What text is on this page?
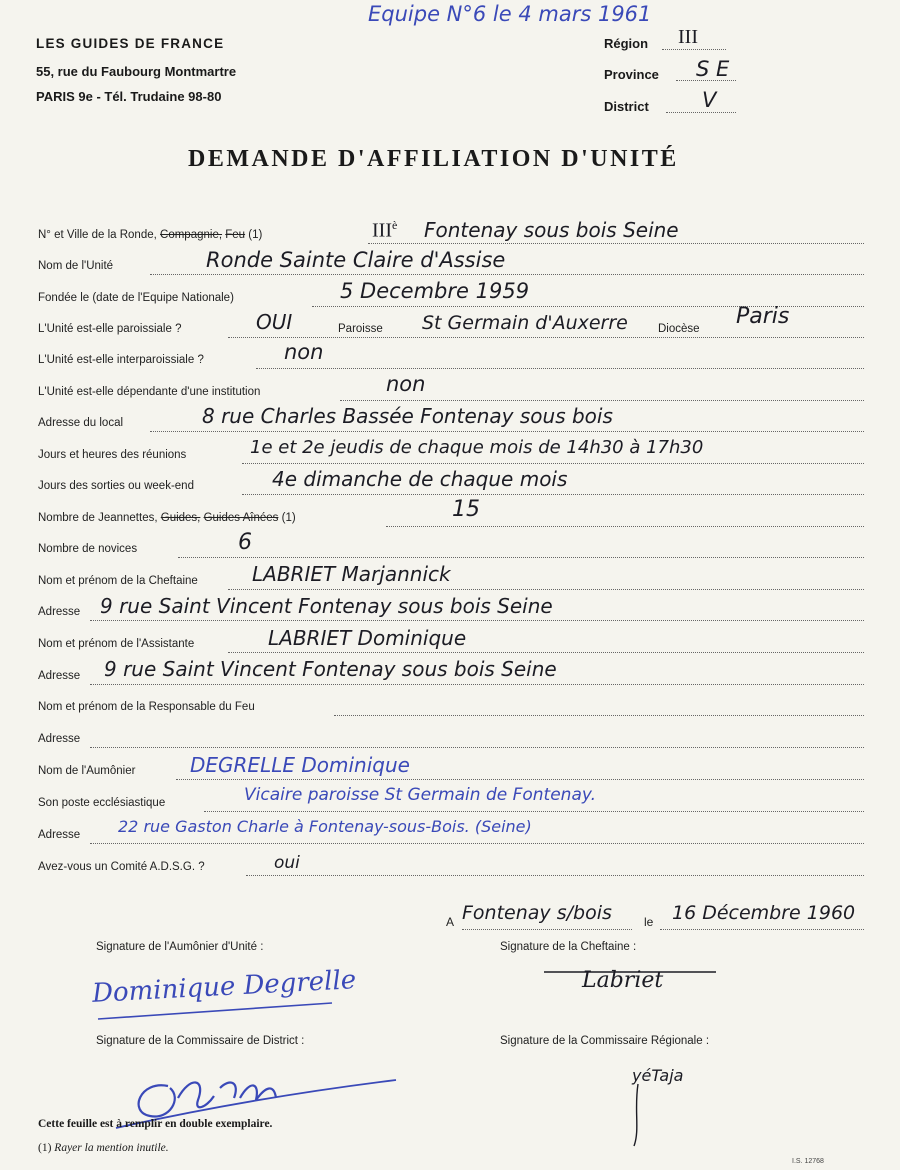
Equipe N°6 le 4 mars 1961
LES GUIDES DE FRANCE
55, rue du Faubourg Montmartre
PARIS 9e - Tél. Trudaine 98-80
Région III
Province S E
District	V
DEMANDE D'AFFILIATION D'UNITÉ
N° et Ville de la Ronde, Compagnie, Feu (1)	$III^è$ Fontenay sous bois Seine
Nom de l'Unité	Ronde Sainte Claire d'Assise
Fondée le (date de l'Equipe Nationale)	5 Decembre 1959
L'Unité est-elle paroissiale ?	OUI	Paroisse St Germain d'Auxerre	Diocèse Paris
L'Unité est-elle interparoissiale ?	non
L'Unité est-elle dépendante d'une institution	non
Adresse du local	8 rue Charles Bassée Fontenay sous bois
Jours et heures des réunions	1e et 2e jeudis de chaque mois de 14h30 à 17h30
Jours des sorties ou week-end	4e dimanche de chaque mois
Nombre de Jeannettes, Guides, Guides Aînées (1)	15
Nombre de novices	6
Nom et prénom de la Cheftaine	LABRIET Marjannick
Adresse 9 rue Saint Vincent Fontenay sous bois Seine
Nom et prénom de l'Assistante	LABRIET Dominique
Adresse 9 rue Saint Vincent Fontenay sous bois Seine
Nom et prénom de la Responsable du Feu
Adresse
Nom de l'Aumônier	DEGRELLE Dominique
Son poste ecclésiastique	Vicaire paroisse St Germain de Fontenay.
Adresse 22 rue Gaston Charle à Fontenay-sous-Bois. (Seine)
Avez-vous un Comité A.D.S.G. ?	oui
A Fontenay s/bois	le 16 Décembre 1960
Signature de l'Aumônier d'Unité :	Signature de la Cheftaine :
Dominique Degrelle	Labriet
Signature de la Commissaire de District :	Signature de la Commissaire Régionale :
yéTaja
Cette feuille est à remplir en double exemplaire.
(1) Rayer la mention inutile.
I.S. 12768
